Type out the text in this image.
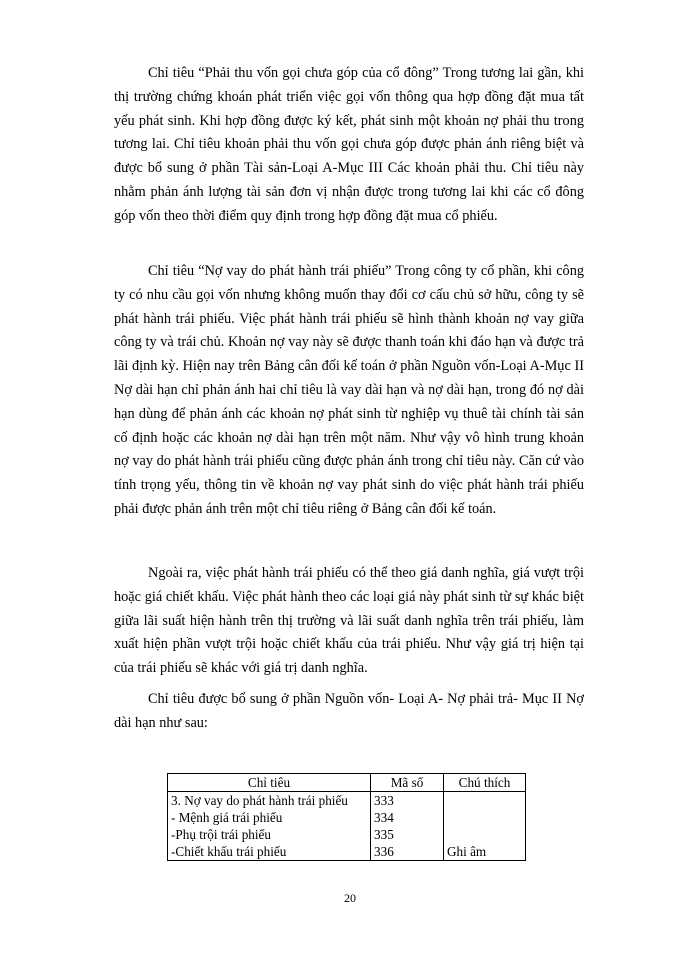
Chỉ tiêu “Phải thu vốn gọi chưa góp của cổ đông” Trong tương lai gần, khi thị trường chứng khoán phát triển việc gọi vốn thông qua hợp đồng đặt mua tất yếu phát sinh. Khi hợp đồng được ký kết, phát sinh một khoản nợ phải thu trong tương lai. Chỉ tiêu khoản phải thu vốn gọi chưa góp được phản ánh riêng biệt và được bổ sung ở phần Tài sản-Loại A-Mục III Các khoản phải thu. Chỉ tiêu này nhằm phản ánh lượng tài sản đơn vị nhận được trong tương lai khi các cổ đông góp vốn theo thời điểm quy định trong hợp đồng đặt mua cổ phiếu.

Chỉ tiêu “Nợ vay do phát hành trái phiếu” Trong công ty cổ phần, khi công ty có nhu cầu gọi vốn nhưng không muốn thay đổi cơ cấu chủ sở hữu, công ty sẽ phát hành trái phiếu. Việc phát hành trái phiếu sẽ hình thành khoản nợ vay giữa công ty và trái chủ. Khoản nợ vay này sẽ được thanh toán khi đáo hạn và được trả lãi định kỳ. Hiện nay trên Bảng cân đối kế toán ở phần Nguồn vốn-Loại A-Mục II Nợ dài hạn chỉ phản ánh hai chỉ tiêu là vay dài hạn và nợ dài hạn, trong đó nợ dài hạn dùng để phản ánh các khoản nợ phát sinh từ nghiệp vụ thuê tài chính tài sản cố định hoặc các khoản nợ dài hạn trên một năm. Như vậy vô hình trung khoản nợ vay do phát hành trái phiếu cũng được phản ánh trong chỉ tiêu này. Căn cứ vào tính trọng yếu, thông tin về khoản nợ vay phát sinh do việc phát hành trái phiếu phải được phản ánh trên một chỉ tiêu riêng ở Bảng cân đối kế toán.

Ngoài ra, việc phát hành trái phiếu có thể theo giá danh nghĩa, giá vượt trội hoặc giá chiết khấu. Việc phát hành theo các loại giá này phát sinh từ sự khác biệt giữa lãi suất hiện hành trên thị trường và lãi suất danh nghĩa trên trái phiếu, làm xuất hiện phần vượt trội hoặc chiết khấu của trái phiếu. Như vậy giá trị hiện tại của trái phiếu sẽ khác với giá trị danh nghĩa.

Chỉ tiêu được bổ sung ở phần Nguồn vốn- Loại A- Nợ phải trả- Mục II Nợ dài hạn như sau:

Chỉ tiêu	Mã số	Chú thích
3. Nợ vay do phát hành trái phiếu	333	
- Mệnh giá trái phiếu	334	
-Phụ trội trái phiếu	335	
-Chiết khấu trái phiếu	336	Ghi âm
20
